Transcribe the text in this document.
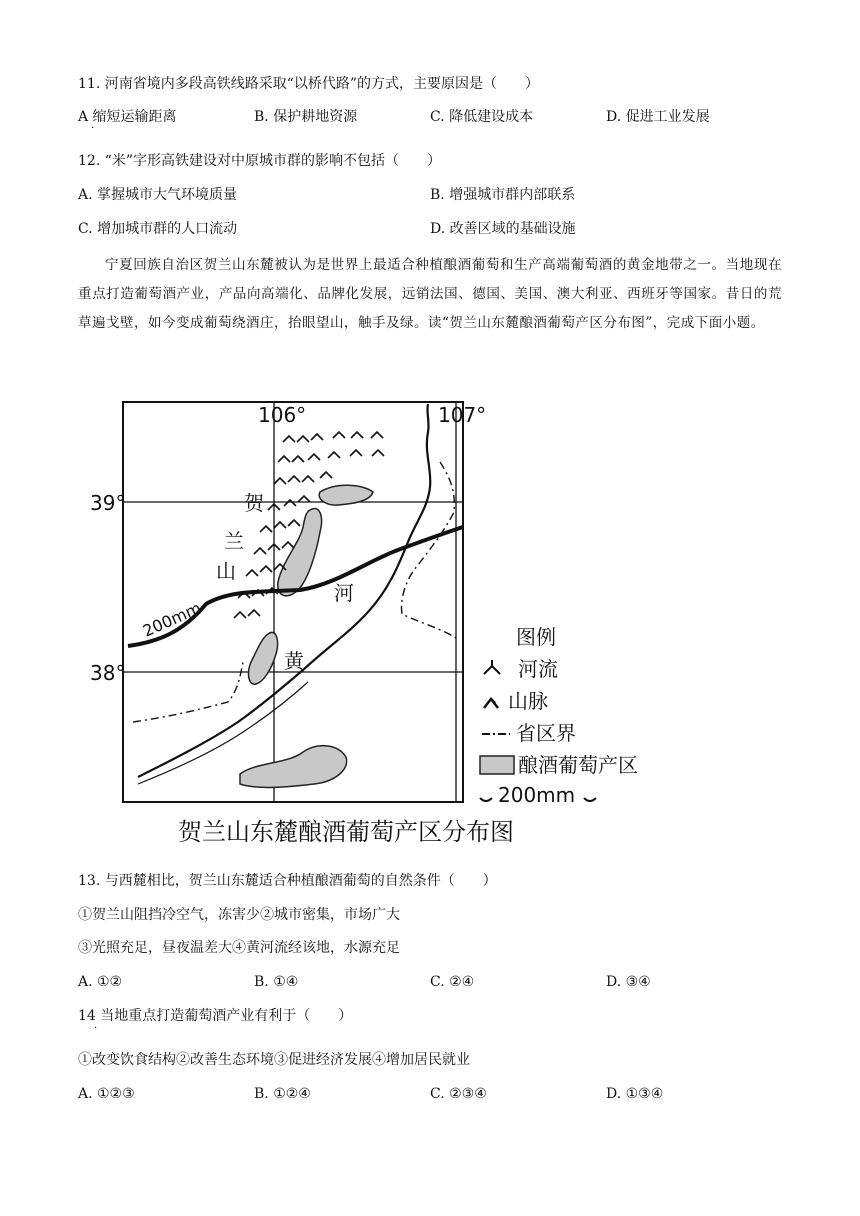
11. 河南省境内多段高铁线路采取“以桥代路”的方式，主要原因是（　　）
A 缩短运输距离
·
B. 保护耕地资源	C. 降低建设成本	D. 促进工业发展
12. “米”字形高铁建设对中原城市群的影响不包括（　　）
A. 掌握城市大气环境质量	B. 增强城市群内部联系
C. 增加城市群的人口流动	D. 改善区域的基础设施
宁夏回族自治区贺兰山东麓被认为是世界上最适合种植酿酒葡萄和生产高端葡萄酒的黄金地带之一。当地现在重点打造葡萄酒产业，产品向高端化、品牌化发展，远销法国、德国、美国、澳大利亚、西班牙等国家。昔日的荒草遍戈壁，如今变成葡萄绕酒庄，抬眼望山，触手及绿。读“贺兰山东麓酿酒葡萄产区分布图”，完成下面小题。
106°	107°
39°
38°
200mm
贺
兰
山
河
黄
图例
河流
山脉
省区界
酿酒葡萄产区
200mm
贺兰山东麓酿酒葡萄产区分布图
13. 与西麓相比，贺兰山东麓适合种植酿酒葡萄的自然条件（　　）
①贺兰山阻挡冷空气，冻害少②城市密集，市场广大
③光照充足，昼夜温差大④黄河流经该地，水源充足
A. ①②	B. ①④	C. ②④	D. ③④
14 当地重点打造葡萄酒产业有利于（　　）
·
①改变饮食结构②改善生态环境③促进经济发展④增加居民就业
A. ①②③	B. ①②④	C. ②③④	D. ①③④
